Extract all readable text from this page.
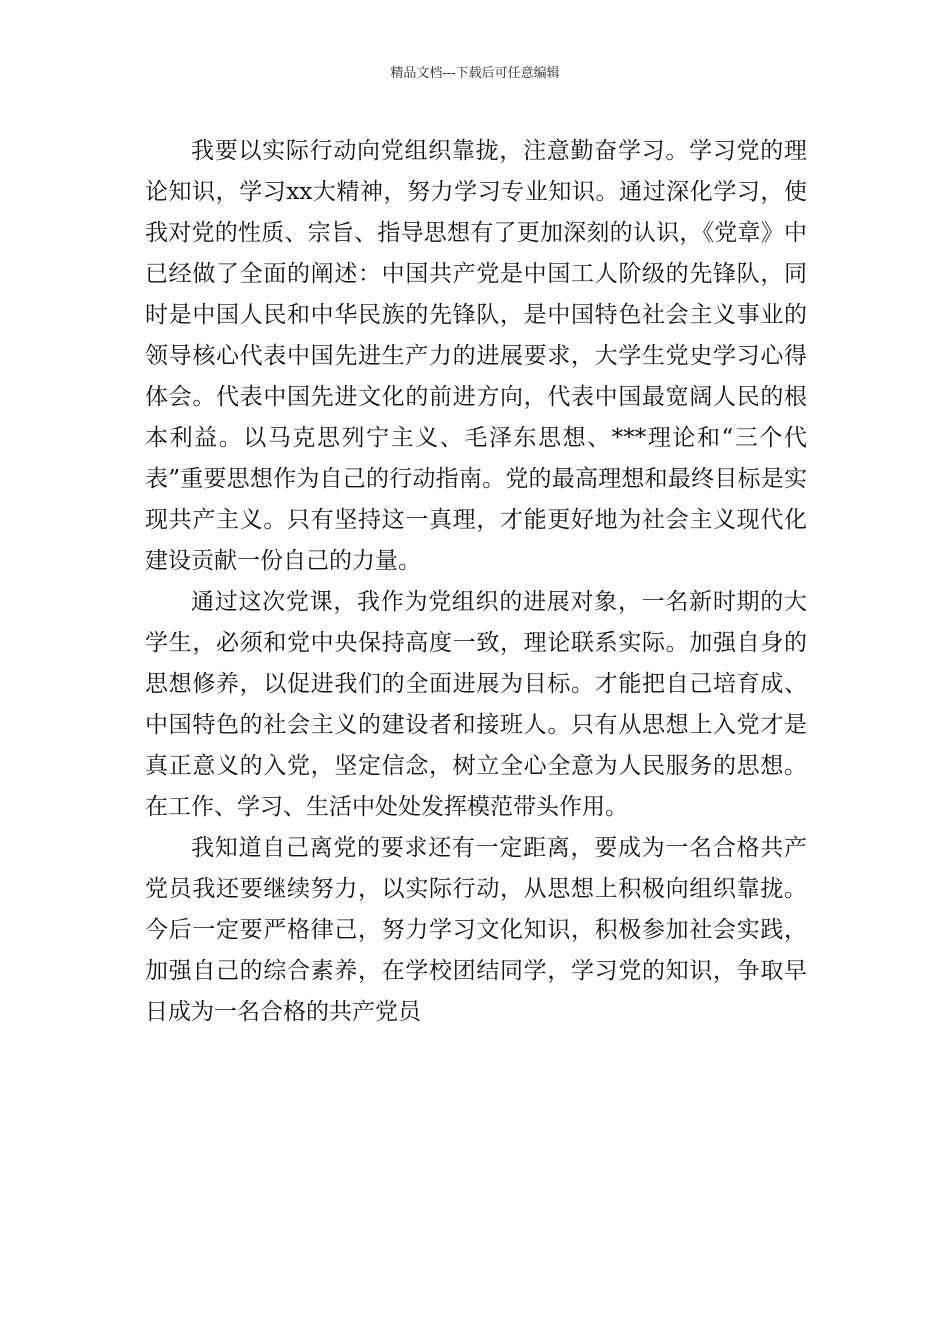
精品文档---下载后可任意编辑

我要以实际行动向党组织靠拢，注意勤奋学习。学习党的理论知识，学习xx大精神，努力学习专业知识。通过深化学习，使我对党的性质、宗旨、指导思想有了更加深刻的认识，《党章》中已经做了全面的阐述：中国共产党是中国工人阶级的先锋队，同时是中国人民和中华民族的先锋队，是中国特色社会主义事业的领导核心代表中国先进生产力的进展要求，大学生党史学习心得体会。代表中国先进文化的前进方向，代表中国最宽阔人民的根本利益。以马克思列宁主义、毛泽东思想、***理论和“三个代表”重要思想作为自己的行动指南。党的最高理想和最终目标是实现共产主义。只有坚持这一真理，才能更好地为社会主义现代化建设贡献一份自己的力量。

通过这次党课，我作为党组织的进展对象，一名新时期的大学生，必须和党中央保持高度一致，理论联系实际。加强自身的思想修养，以促进我们的全面进展为目标。才能把自己培育成、中国特色的社会主义的建设者和接班人。只有从思想上入党才是真正意义的入党，坚定信念，树立全心全意为人民服务的思想。在工作、学习、生活中处处发挥模范带头作用。

我知道自己离党的要求还有一定距离，要成为一名合格共产党员我还要继续努力，以实际行动，从思想上积极向组织靠拢。今后一定要严格律己，努力学习文化知识，积极参加社会实践，加强自己的综合素养，在学校团结同学，学习党的知识，争取早日成为一名合格的共产党员
